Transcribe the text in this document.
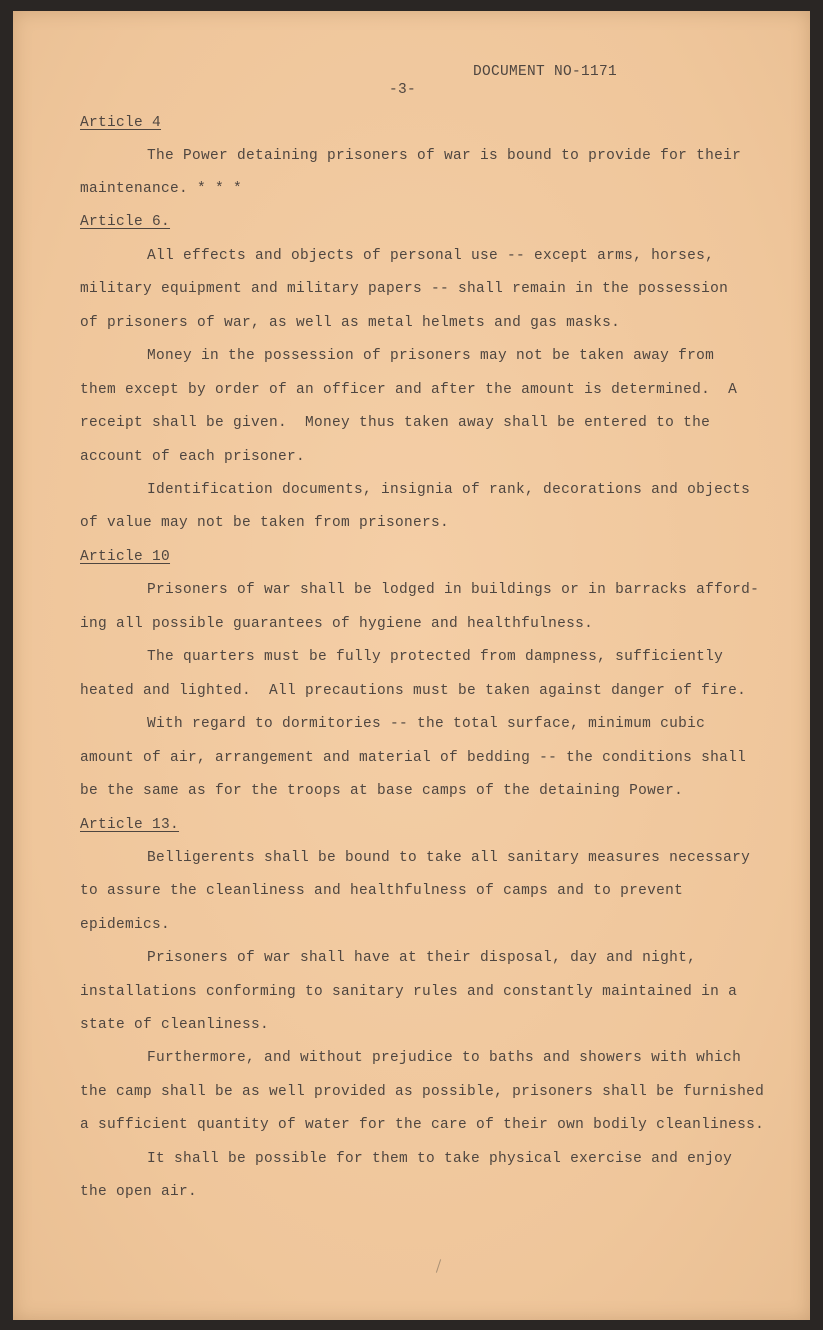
DOCUMENT NO-1171

-3-

Article 4

The Power detaining prisoners of war is bound to provide for their

maintenance. * * *

Article 6.

All effects and objects of personal use -- except arms, horses,

military equipment and military papers -- shall remain in the possession

of prisoners of war, as well as metal helmets and gas masks.

Money in the possession of prisoners may not be taken away from

them except by order of an officer and after the amount is determined.  A

receipt shall be given.  Money thus taken away shall be entered to the

account of each prisoner.

Identification documents, insignia of rank, decorations and objects

of value may not be taken from prisoners.

Article 10

Prisoners of war shall be lodged in buildings or in barracks afford-

ing all possible guarantees of hygiene and healthfulness.

The quarters must be fully protected from dampness, sufficiently

heated and lighted.  All precautions must be taken against danger of fire.

With regard to dormitories -- the total surface, minimum cubic

amount of air, arrangement and material of bedding -- the conditions shall

be the same as for the troops at base camps of the detaining Power.

Article 13.

Belligerents shall be bound to take all sanitary measures necessary

to assure the cleanliness and healthfulness of camps and to prevent

epidemics.

Prisoners of war shall have at their disposal, day and night,

installations conforming to sanitary rules and constantly maintained in a

state of cleanliness.

Furthermore, and without prejudice to baths and showers with which

the camp shall be as well provided as possible, prisoners shall be furnished

a sufficient quantity of water for the care of their own bodily cleanliness.

It shall be possible for them to take physical exercise and enjoy

the open air.
